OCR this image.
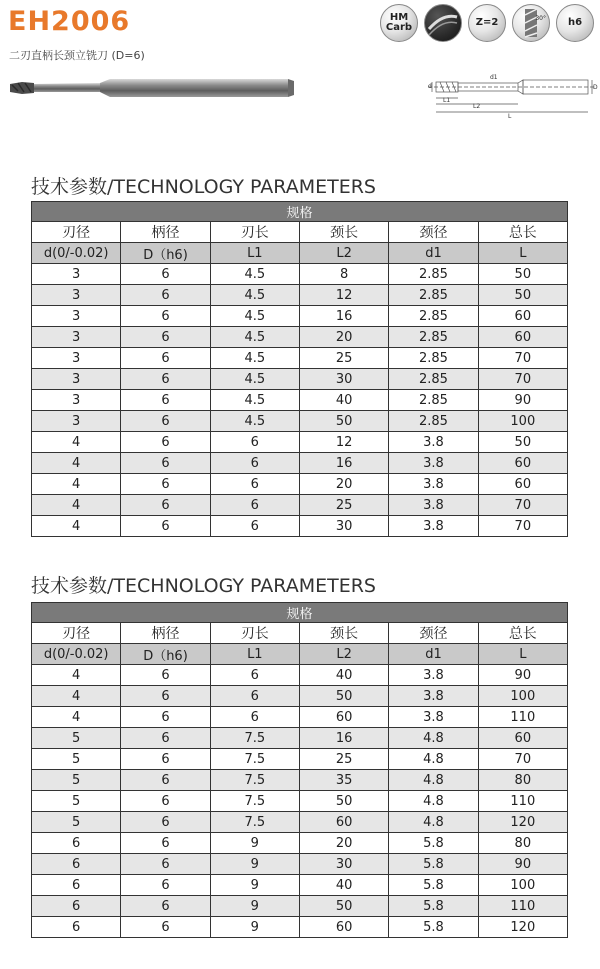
EH2006
二刃直柄长颈立铣刀 (D=6)
HM
Carb	Z=2	30° h6
d
d1
D
L1
L2
L
技术参数/TECHNOLOGY PARAMETERS
规格					
刃径	柄径	刃长	颈长	颈径	总长
d(0/-0.02)	D（h6)	L1	L2	d1	L
3	6	4.5	8	2.85	50
3	6	4.5	12	2.85	50
3	6	4.5	16	2.85	60
3	6	4.5	20	2.85	60
3	6	4.5	25	2.85	70
3	6	4.5	30	2.85	70
3	6	4.5	40	2.85	90
3	6	4.5	50	2.85	100
4	6	6	12	3.8	50
4	6	6	16	3.8	60
4	6	6	20	3.8	60
4	6	6	25	3.8	70
4	6	6	30	3.8	70
技术参数/TECHNOLOGY PARAMETERS
规格					
刃径	柄径	刃长	颈长	颈径	总长
d(0/-0.02)	D（h6)	L1	L2	d1	L
4	6	6	40	3.8	90
4	6	6	50	3.8	100
4	6	6	60	3.8	110
5	6	7.5	16	4.8	60
5	6	7.5	25	4.8	70
5	6	7.5	35	4.8	80
5	6	7.5	50	4.8	110
5	6	7.5	60	4.8	120
6	6	9	20	5.8	80
6	6	9	30	5.8	90
6	6	9	40	5.8	100
6	6	9	50	5.8	110
6	6	9	60	5.8	120
